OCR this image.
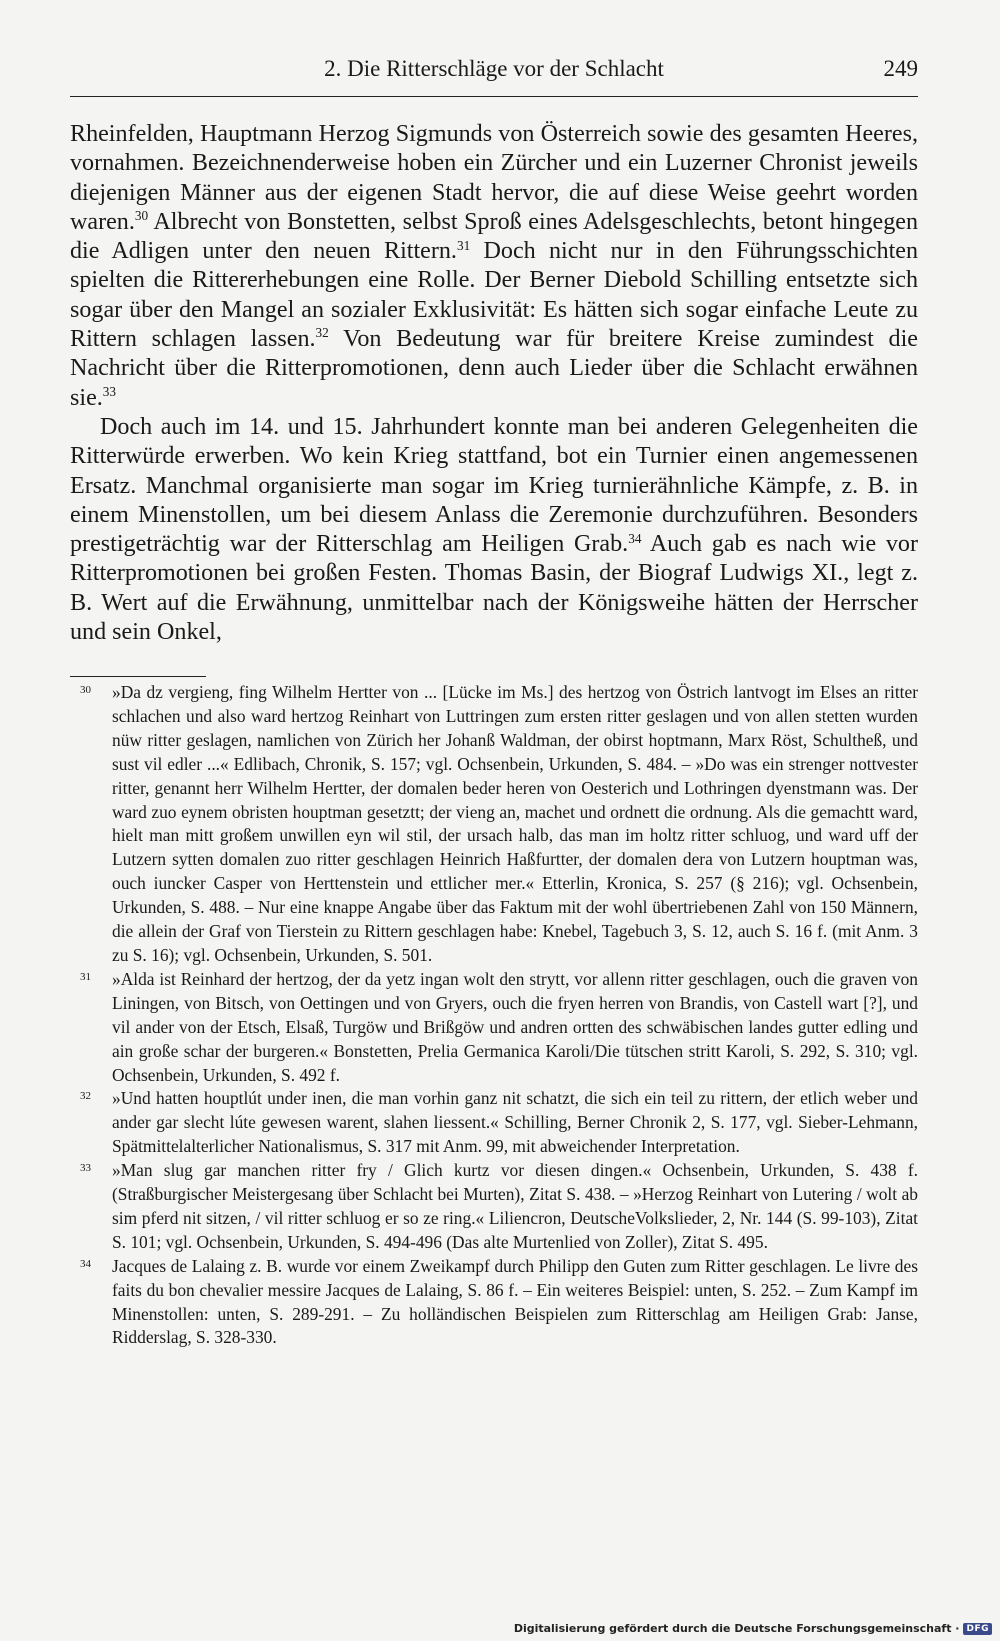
2. Die Ritterschläge vor der Schlacht	249

Rheinfelden, Hauptmann Herzog Sigmunds von Österreich sowie des gesamten Heeres, vornahmen. Bezeichnenderweise hoben ein Zürcher und ein Luzerner Chronist jeweils diejenigen Männer aus der eigenen Stadt hervor, die auf diese Weise geehrt worden waren.$^{30}$ Albrecht von Bonstetten, selbst Sproß eines Adelsgeschlechts, betont hingegen die Adligen unter den neuen Rittern.$^{31}$ Doch nicht nur in den Führungsschichten spielten die Rittererhebungen eine Rolle. Der Berner Diebold Schilling entsetzte sich sogar über den Mangel an sozialer Exklusivität: Es hätten sich sogar einfache Leute zu Rittern schlagen lassen.$^{32}$ Von Bedeutung war für breitere Kreise zumindest die Nachricht über die Ritterpromotionen, denn auch Lieder über die Schlacht erwähnen sie.$^{33}$

Doch auch im 14. und 15. Jahrhundert konnte man bei anderen Gelegenheiten die Ritterwürde erwerben. Wo kein Krieg stattfand, bot ein Turnier einen angemessenen Ersatz. Manchmal organisierte man sogar im Krieg turnierähnliche Kämpfe, z. B. in einem Minenstollen, um bei diesem Anlass die Zeremonie durchzuführen. Besonders prestigeträchtig war der Ritterschlag am Heiligen Grab.$^{34}$ Auch gab es nach wie vor Ritterpromotionen bei großen Festen. Thomas Basin, der Biograf Ludwigs XI., legt z. B. Wert auf die Erwähnung, unmittelbar nach der Königsweihe hätten der Herrscher und sein Onkel,

30 »Da dz vergieng, fing Wilhelm Hertter von ... [Lücke im Ms.] des hertzog von Östrich lantvogt im Elses an ritter schlachen und also ward hertzog Reinhart von Luttringen zum ersten ritter geslagen und von allen stetten wurden nüw ritter geslagen, namlichen von Zürich her Johanß Waldman, der obirst hoptmann, Marx Röst, Schultheß, und sust vil edler ...« Edlibach, Chronik, S. 157; vgl. Ochsenbein, Urkunden, S. 484. – »Do was ein strenger nottvester ritter, genannt herr Wilhelm Hertter, der domalen beder heren von Oesterich und Lothringen dyenstmann was. Der ward zuo eynem obristen houptman gesetztt; der vieng an, machet und ordnett die ordnung. Als die gemachtt ward, hielt man mitt großem unwillen eyn wil stil, der ursach halb, das man im holtz ritter schluog, und ward uff der Lutzern sytten domalen zuo ritter geschlagen Heinrich Haßfurtter, der domalen dera von Lutzern houptman was, ouch iuncker Casper von Herttenstein und ettlicher mer.« Etterlin, Kronica, S. 257 (§ 216); vgl. Ochsenbein, Urkunden, S. 488. – Nur eine knappe Angabe über das Faktum mit der wohl übertriebenen Zahl von 150 Männern, die allein der Graf von Tierstein zu Rittern geschlagen habe: Knebel, Tagebuch 3, S. 12, auch S. 16 f. (mit Anm. 3 zu S. 16); vgl. Ochsenbein, Urkunden, S. 501.

31 »Alda ist Reinhard der hertzog, der da yetz ingan wolt den strytt, vor allenn ritter geschlagen, ouch die graven von Liningen, von Bitsch, von Oettingen und von Gryers, ouch die fryen herren von Brandis, von Castell wart [?], und vil ander von der Etsch, Elsaß, Turgöw und Brißgöw und andren ortten des schwäbischen landes gutter edling und ain große schar der burgeren.« Bonstetten, Prelia Germanica Karoli/Die tütschen stritt Karoli, S. 292, S. 310; vgl. Ochsenbein, Urkunden, S. 492 f.

32 »Und hatten houptlút under inen, die man vorhin ganz nit schatzt, die sich ein teil zu rittern, der etlich weber und ander gar slecht lúte gewesen warent, slahen liessent.« Schilling, Berner Chronik 2, S. 177, vgl. Sieber-Lehmann, Spätmittelalterlicher Nationalismus, S. 317 mit Anm. 99, mit abweichender Interpretation.

33 »Man slug gar manchen ritter fry / Glich kurtz vor diesen dingen.« Ochsenbein, Urkunden, S. 438 f. (Straßburgischer Meistergesang über Schlacht bei Murten), Zitat S. 438. – »Herzog Reinhart von Lutering / wolt ab sim pferd nit sitzen, / vil ritter schluog er so ze ring.« Liliencron, DeutscheVolkslieder, 2, Nr. 144 (S. 99-103), Zitat S. 101; vgl. Ochsenbein, Urkunden, S. 494-496 (Das alte Murtenlied von Zoller), Zitat S. 495.

34 Jacques de Lalaing z. B. wurde vor einem Zweikampf durch Philipp den Guten zum Ritter geschlagen. Le livre des faits du bon chevalier messire Jacques de Lalaing, S. 86 f. – Ein weiteres Beispiel: unten, S. 252. – Zum Kampf im Minenstollen: unten, S. 289-291. – Zu holländischen Beispielen zum Ritterschlag am Heiligen Grab: Janse, Ridderslag, S. 328-330.

Digitalisierung gefördert durch die Deutsche Forschungsgemeinschaft · DFG
